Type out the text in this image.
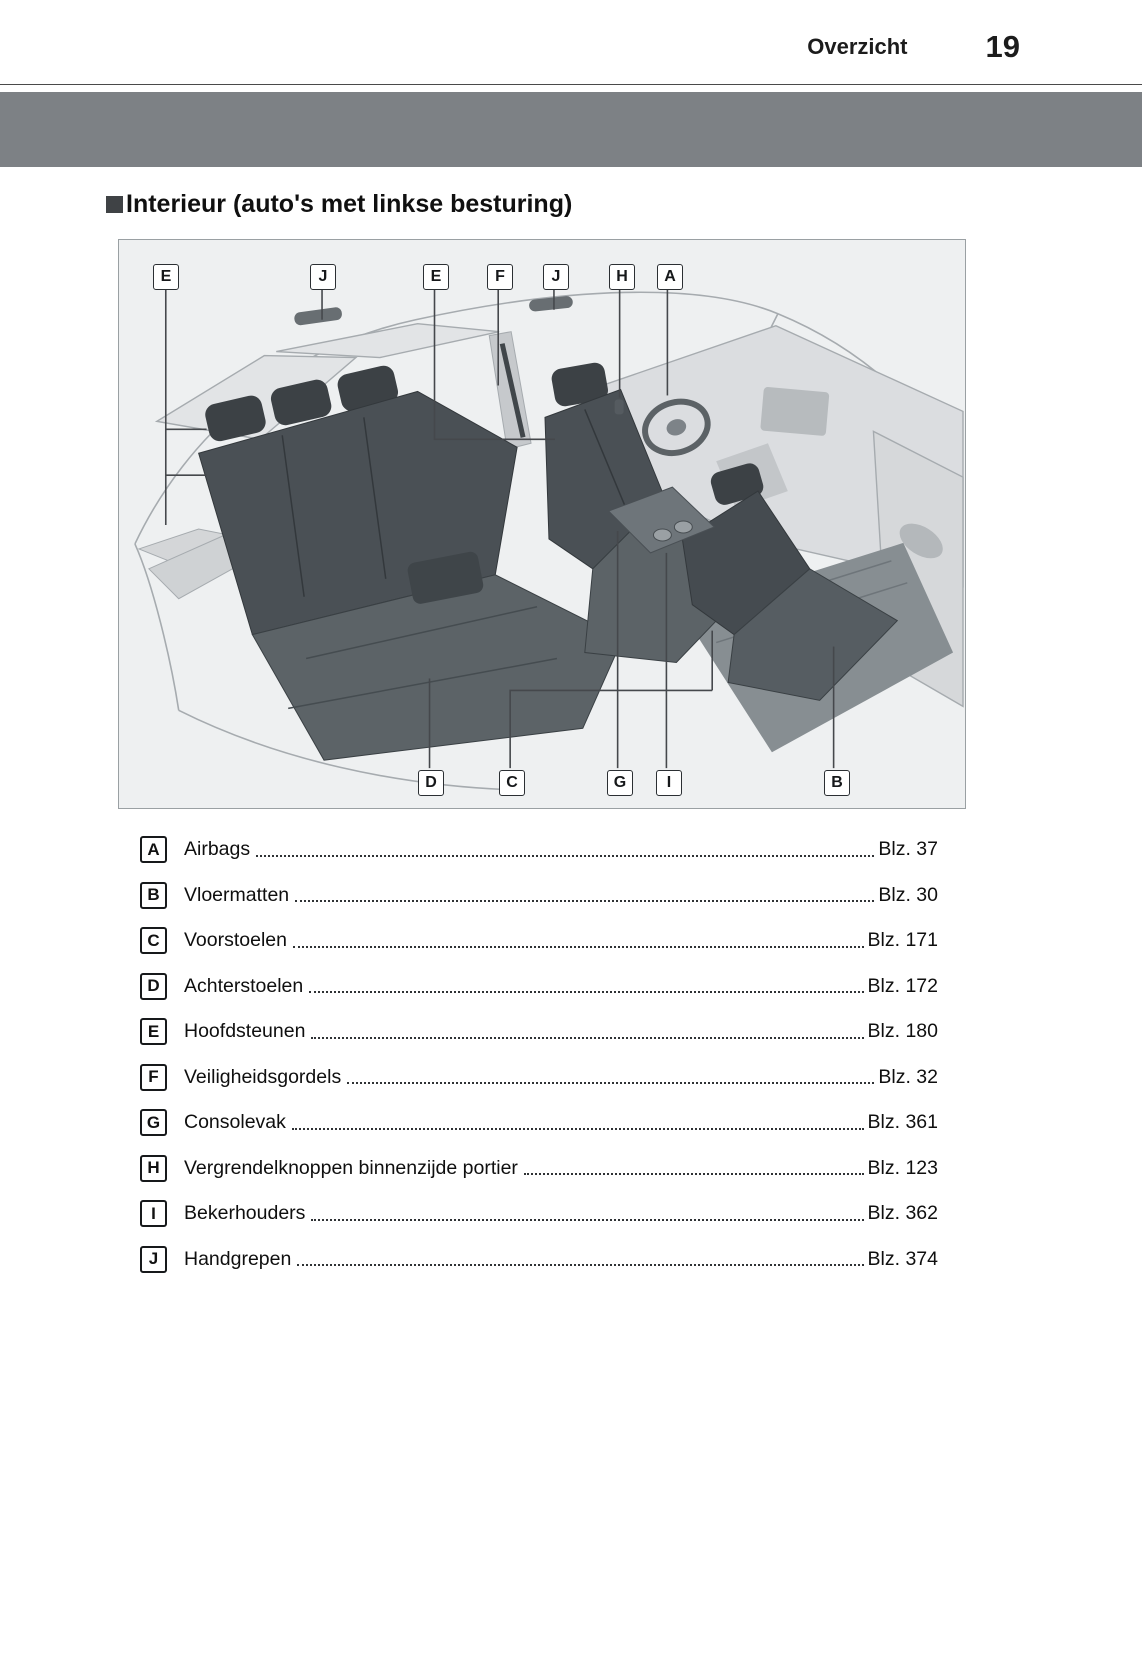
Overzicht	19
Interieur (auto's met linkse besturing)
E	J	E	F	J	H	A
D	C	G	I	B
A	Airbags	Blz. 37
B	Vloermatten	Blz. 30
C	Voorstoelen	Blz. 171
D	Achterstoelen	Blz. 172
E	Hoofdsteunen	Blz. 180
F	Veiligheidsgordels	Blz. 32
G	Consolevak	Blz. 361
H	Vergrendelknoppen binnenzijde portier	Blz. 123
I	Bekerhouders	Blz. 362
J	Handgrepen	Blz. 374
